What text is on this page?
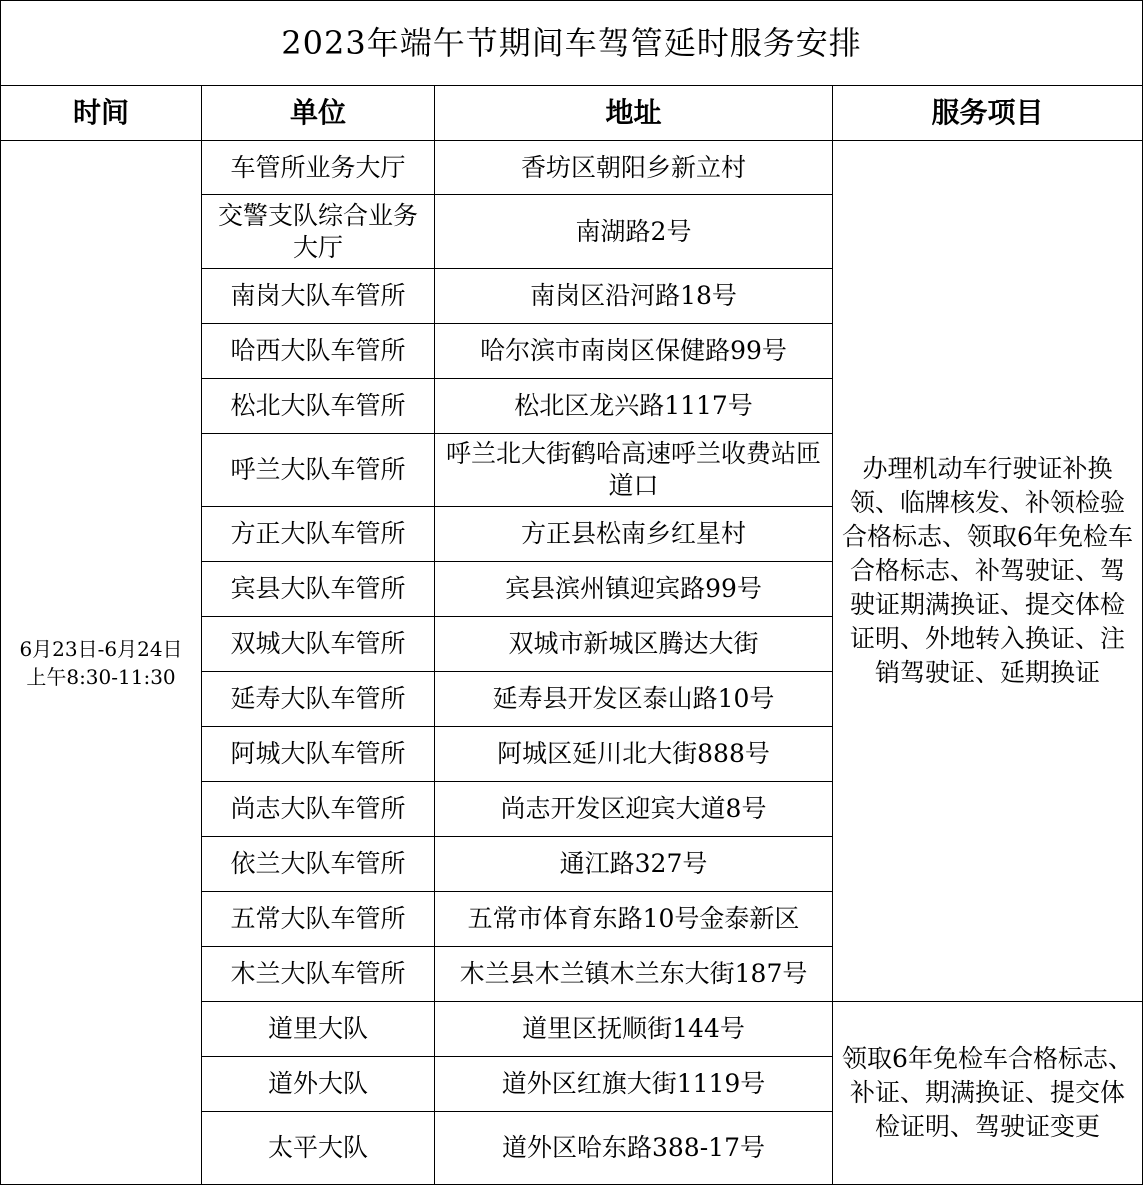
2023年端午节期间车驾管延时服务安排			
时间	单位	地址	服务项目
6月23日-6月24日
上午8:30-11:30	车管所业务大厅	香坊区朝阳乡新立村	办理机动车行驶证补换领、临牌核发、补领检验合格标志、领取6年免检车合格标志、补驾驶证、驾驶证期满换证、提交体检证明、外地转入换证、注销驾驶证、延期换证
	交警支队综合业务大厅	南湖路2号	
	南岗大队车管所	南岗区沿河路18号	
	哈西大队车管所	哈尔滨市南岗区保健路99号	
	松北大队车管所	松北区龙兴路1117号	
	呼兰大队车管所	呼兰北大街鹤哈高速呼兰收费站匝道口	
	方正大队车管所	方正县松南乡红星村	
	宾县大队车管所	宾县滨州镇迎宾路99号	
	双城大队车管所	双城市新城区腾达大街	
	延寿大队车管所	延寿县开发区泰山路10号	
	阿城大队车管所	阿城区延川北大街888号	
	尚志大队车管所	尚志开发区迎宾大道8号	
	依兰大队车管所	通江路327号	
	五常大队车管所	五常市体育东路10号金泰新区	
	木兰大队车管所	木兰县木兰镇木兰东大街187号	
	道里大队	道里区抚顺街144号	领取6年免检车合格标志、补证、期满换证、提交体检证明、驾驶证变更
	道外大队	道外区红旗大街1119号	
	太平大队	道外区哈东路388-17号	
